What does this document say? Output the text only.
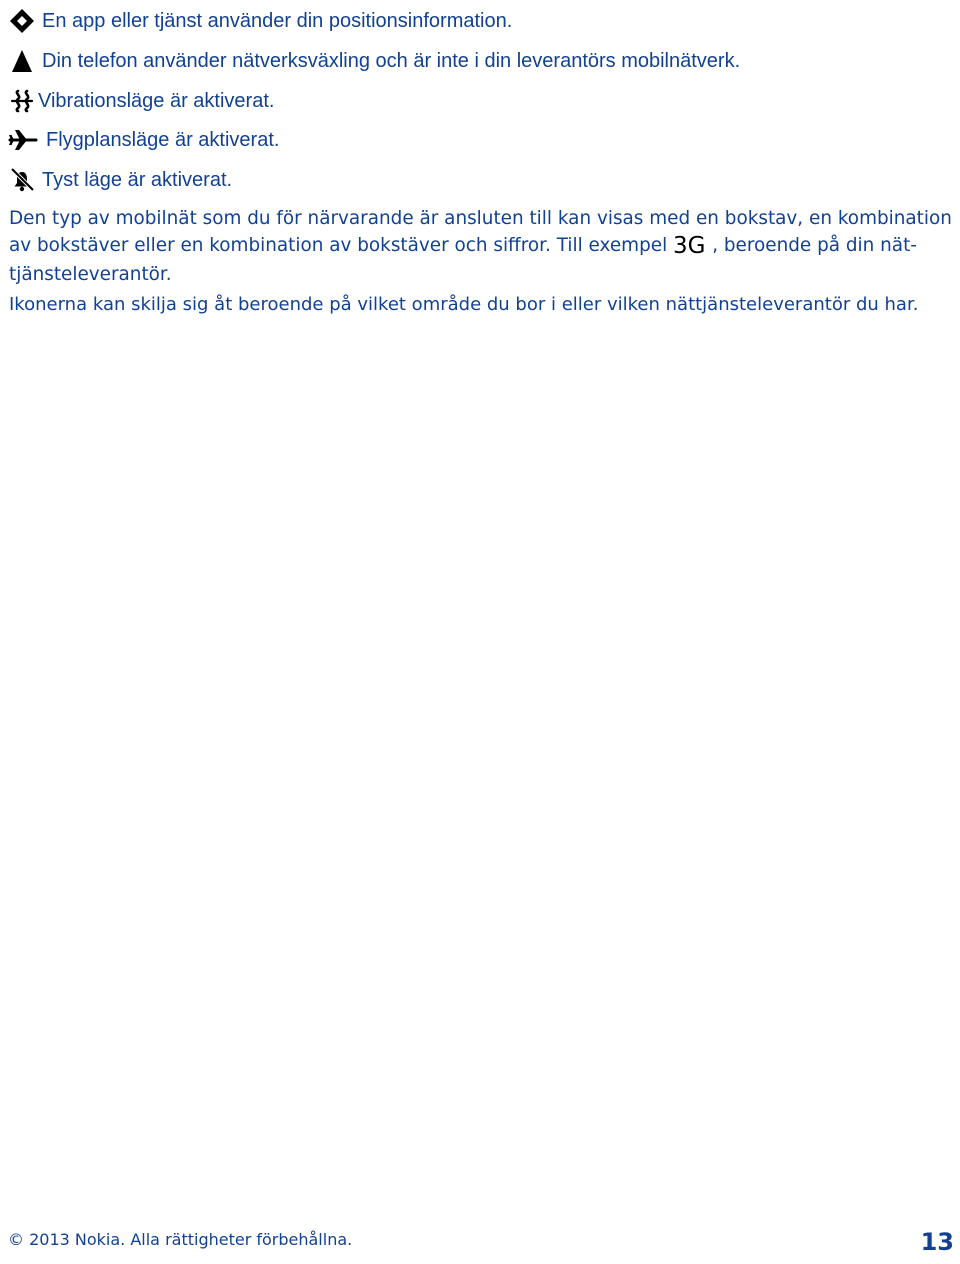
En app eller tjänst använder din positionsinformation.
Din telefon använder nätverksväxling och är inte i din leverantörs mobilnätverk.
Vibrationsläge är aktiverat.
Flygplansläge är aktiverat.
Tyst läge är aktiverat.

Den typ av mobilnät som du för närvarande är ansluten till kan visas med en bokstav, en kombination av bokstäver eller en kombination av bokstäver och siffror. Till exempel 3G , beroende på din nättjänsteleverantör.

Ikonerna kan skilja sig åt beroende på vilket område du bor i eller vilken nättjänsteleverantör du har.

© 2013 Nokia. Alla rättigheter förbehållna.	13
